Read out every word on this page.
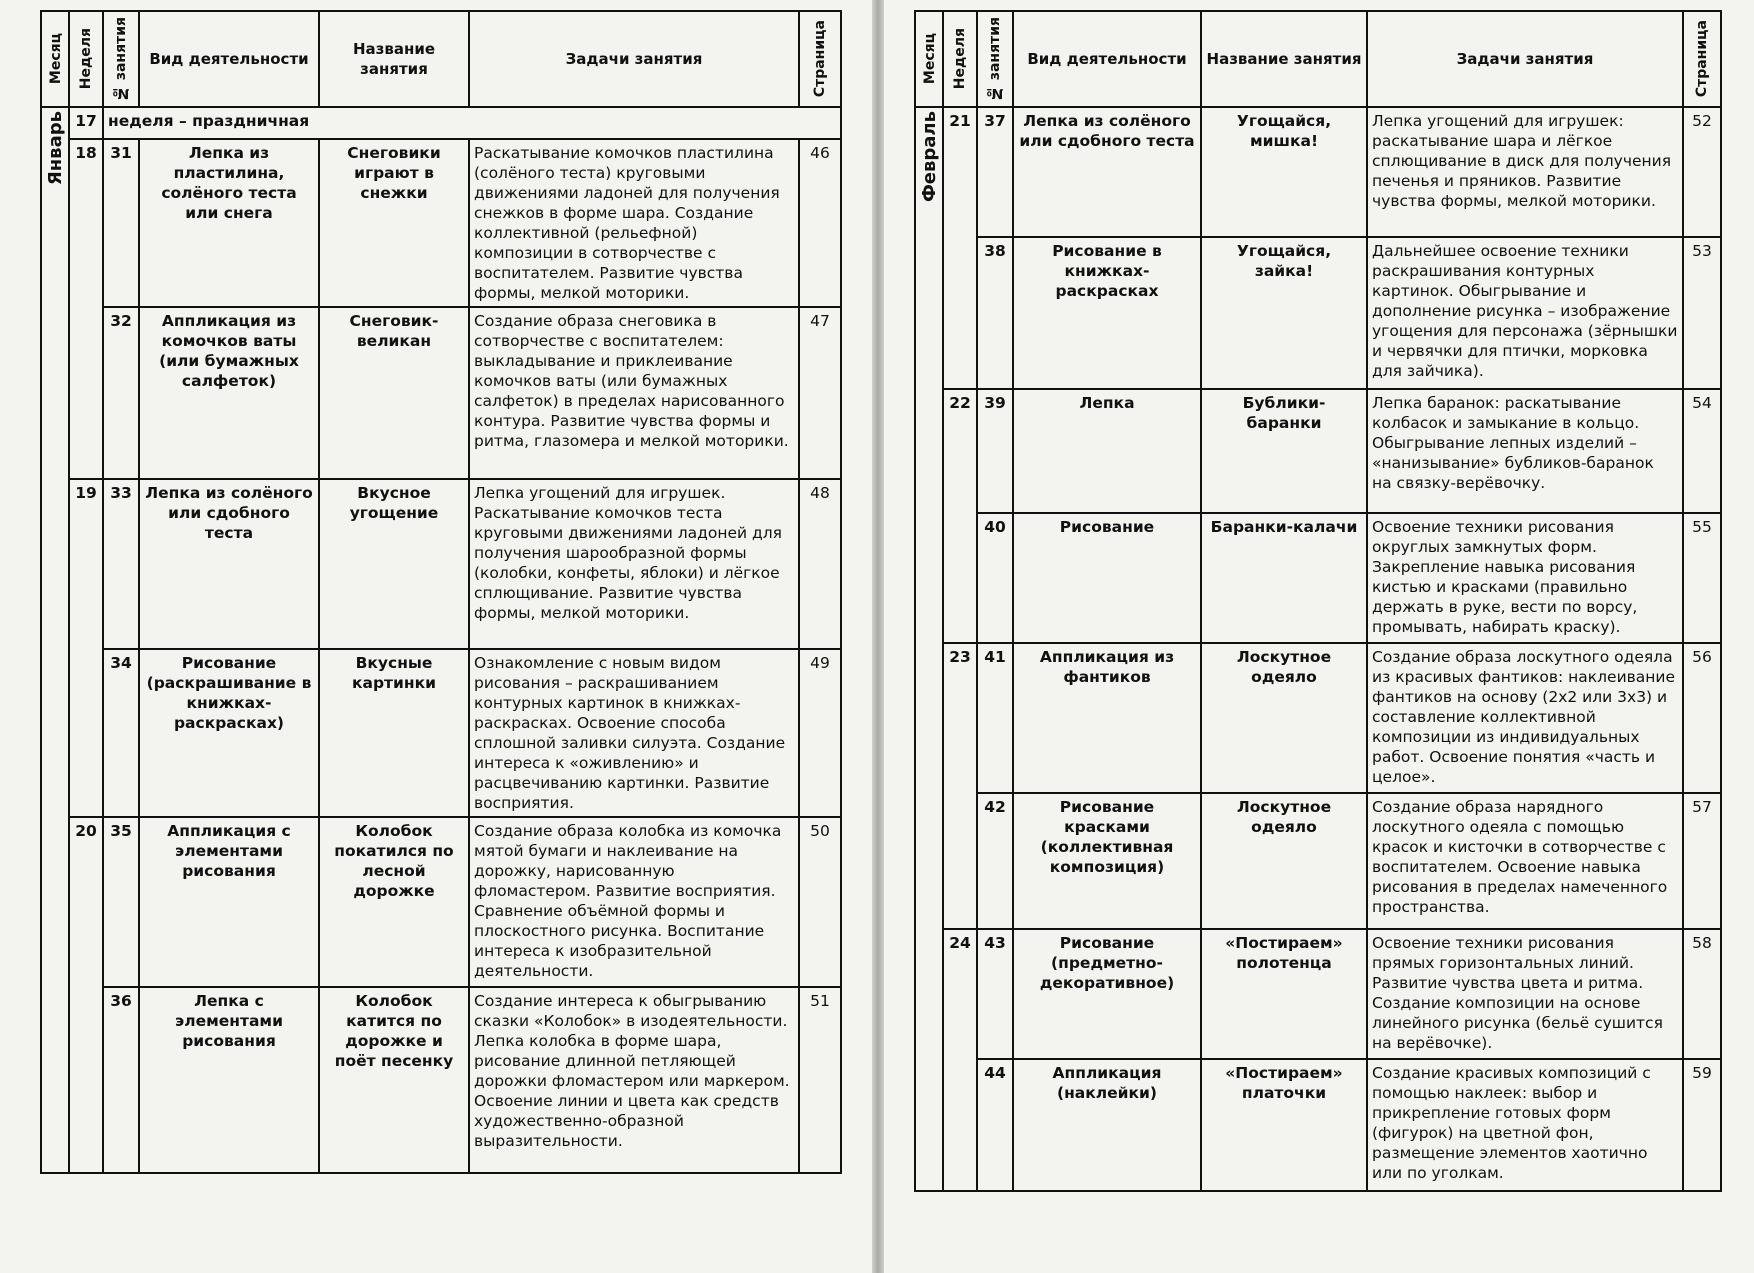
Месяц	Неделя	№ занятия	Вид деятельности	Название занятия	Задачи занятия	Страница

Январь	17	неделя – праздничная				
	18	31	Лепка из пластилина, солёного теста или снега	Снеговики играют в снежки	Раскатывание комочков пластилина (солёного теста) круговыми движениями ладоней для получения снежков в форме шара. Создание коллективной (рельефной) композиции в сотворчестве с воспитателем. Развитие чувства формы, мелкой моторики.	46
		32	Аппликация из комочков ваты (или бумажных салфеток)	Снеговик-великан	Создание образа снеговика в сотворчестве с воспитателем: выкладывание и приклеивание комочков ваты (или бумажных салфеток) в пределах нарисованного контура. Развитие чувства формы и ритма, глазомера и мелкой моторики.	47
	19	33	Лепка из солёного или сдобного теста	Вкусное угощение	Лепка угощений для игрушек. Раскатывание комочков теста круговыми движениями ладоней для получения шарообразной формы (колобки, конфеты, яблоки) и лёгкое сплющивание. Развитие чувства формы, мелкой моторики.	48
		34	Рисование (раскрашивание в книжках-раскрасках)	Вкусные картинки	Ознакомление с новым видом рисования – раскрашиванием контурных картинок в книжках-раскрасках. Освоение способа сплошной заливки силуэта. Создание интереса к «оживлению» и расцвечиванию картинки. Развитие восприятия.	49
	20	35	Аппликация с элементами рисования	Колобок покатился по лесной дорожке	Создание образа колобка из комочка мятой бумаги и наклеивание на дорожку, нарисованную фломастером. Развитие восприятия. Сравнение объёмной формы и плоскостного рисунка. Воспитание интереса к изобразительной деятельности.	50
		36	Лепка с элементами рисования	Колобок катится по дорожке и поёт песенку	Создание интереса к обыгрыванию сказки «Колобок» в изодеятельности. Лепка колобка в форме шара, рисование длинной петляющей дорожки фломастером или маркером. Освоение линии и цвета как средств художественно-образной выразительности.	51
Месяц	Неделя	№ занятия	Вид деятельности	Название занятия	Задачи занятия	Страница

Февраль	21	37	Лепка из солёного или сдобного теста	Угощайся, мишка!	Лепка угощений для игрушек: раскатывание шара и лёгкое сплющивание в диск для получения печенья и пряников. Развитие чувства формы, мелкой моторики.	52
		38	Рисование в книжках-раскрасках	Угощайся, зайка!	Дальнейшее освоение техники раскрашивания контурных картинок. Обыгрывание и дополнение рисунка – изображение угощения для персонажа (зёрнышки и червячки для птички, морковка для зайчика).	53
	22	39	Лепка	Бублики-баранки	Лепка баранок: раскатывание колбасок и замыкание в кольцо. Обыгрывание лепных изделий – «нанизывание» бубликов-баранок на связку-верёвочку.	54
		40	Рисование	Баранки-калачи	Освоение техники рисования округлых замкнутых форм. Закрепление навыка рисования кистью и красками (правильно держать в руке, вести по ворсу, промывать, набирать краску).	55
	23	41	Аппликация из фантиков	Лоскутное одеяло	Создание образа лоскутного одеяла из красивых фантиков: наклеивание фантиков на основу (2х2 или 3х3) и составление коллективной композиции из индивидуальных работ. Освоение понятия «часть и целое».	56
		42	Рисование красками (коллективная композиция)	Лоскутное одеяло	Создание образа нарядного лоскутного одеяла с помощью красок и кисточки в сотворчестве с воспитателем. Освоение навыка рисования в пределах намеченного пространства.	57
	24	43	Рисование (предметно-декоративное)	«Постираем» полотенца	Освоение техники рисования прямых горизонтальных линий. Развитие чувства цвета и ритма. Создание композиции на основе линейного рисунка (бельё сушится на верёвочке).	58
		44	Аппликация (наклейки)	«Постираем» платочки	Создание красивых композиций с помощью наклеек: выбор и прикрепление готовых форм (фигурок) на цветной фон, размещение элементов хаотично или по уголкам.	59
